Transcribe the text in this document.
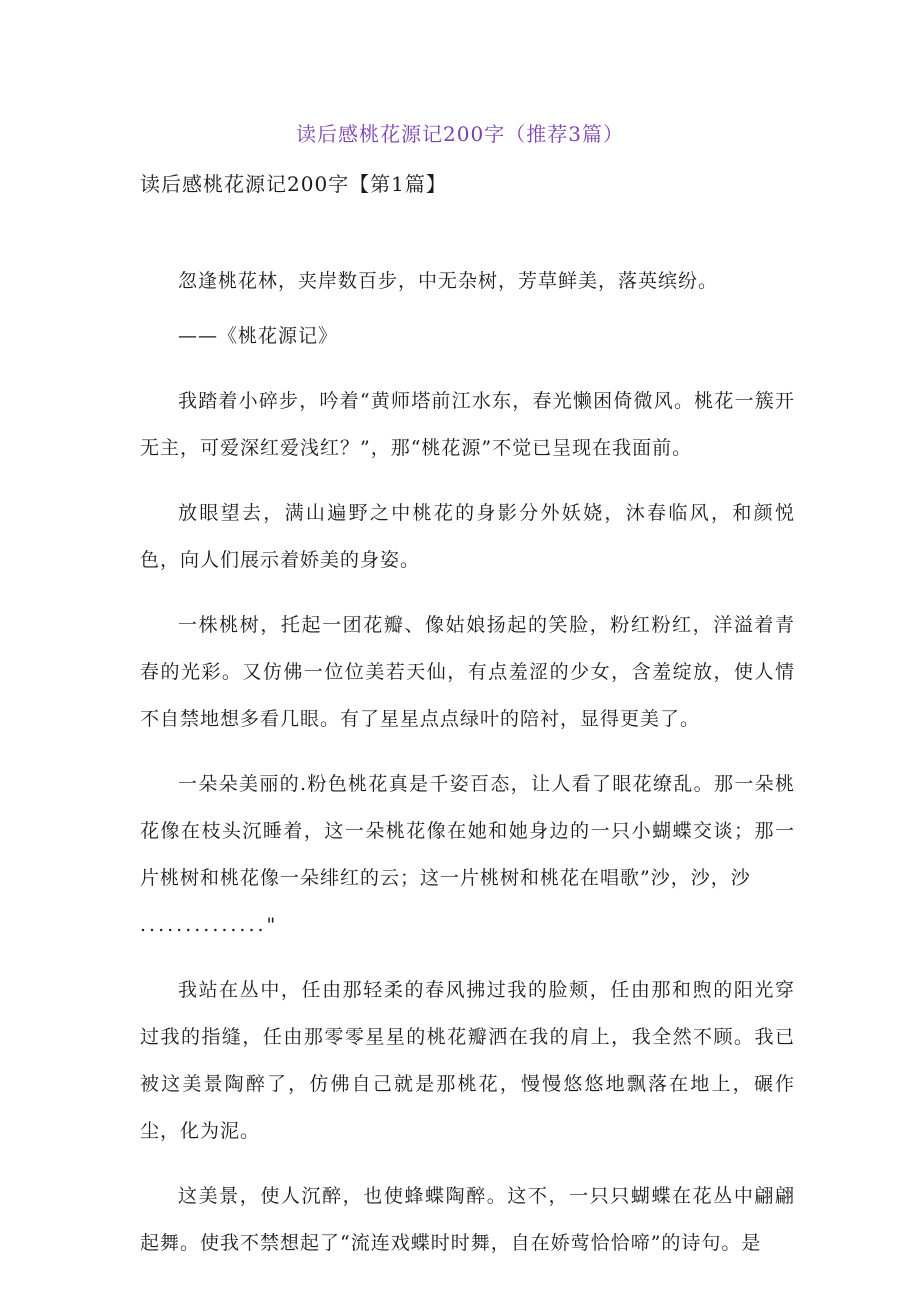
读后感桃花源记200字（推荐3篇）
读后感桃花源记200字【第1篇】

忽逢桃花林，夹岸数百步，中无杂树，芳草鲜美，落英缤纷。

——《桃花源记》

我踏着小碎步，吟着“黄师塔前江水东，春光懒困倚微风。桃花一簇开无主，可爱深红爱浅红？”，那“桃花源”不觉已呈现在我面前。

放眼望去，满山遍野之中桃花的身影分外妖娆，沐春临风，和颜悦色，向人们展示着娇美的身姿。

一株桃树，托起一团花瓣、像姑娘扬起的笑脸，粉红粉红，洋溢着青春的光彩。又仿佛一位位美若天仙，有点羞涩的少女，含羞绽放，使人情不自禁地想多看几眼。有了星星点点绿叶的陪衬，显得更美了。

一朵朵美丽的.粉色桃花真是千姿百态，让人看了眼花缭乱。那一朵桃花像在枝头沉睡着，这一朵桃花像在她和她身边的一只小蝴蝶交谈；那一片桃树和桃花像一朵绯红的云；这一片桃树和桃花在唱歌”沙，沙，沙
.............."

我站在丛中，任由那轻柔的春风拂过我的脸颊，任由那和煦的阳光穿过我的指缝，任由那零零星星的桃花瓣洒在我的肩上，我全然不顾。我已被这美景陶醉了，仿佛自己就是那桃花，慢慢悠悠地飘落在地上，碾作尘，化为泥。

这美景，使人沉醉，也使蜂蝶陶醉。这不，一只只蝴蝶在花丛中翩翩起舞。使我不禁想起了“流连戏蝶时时舞，自在娇莺恰恰啼”的诗句。是
